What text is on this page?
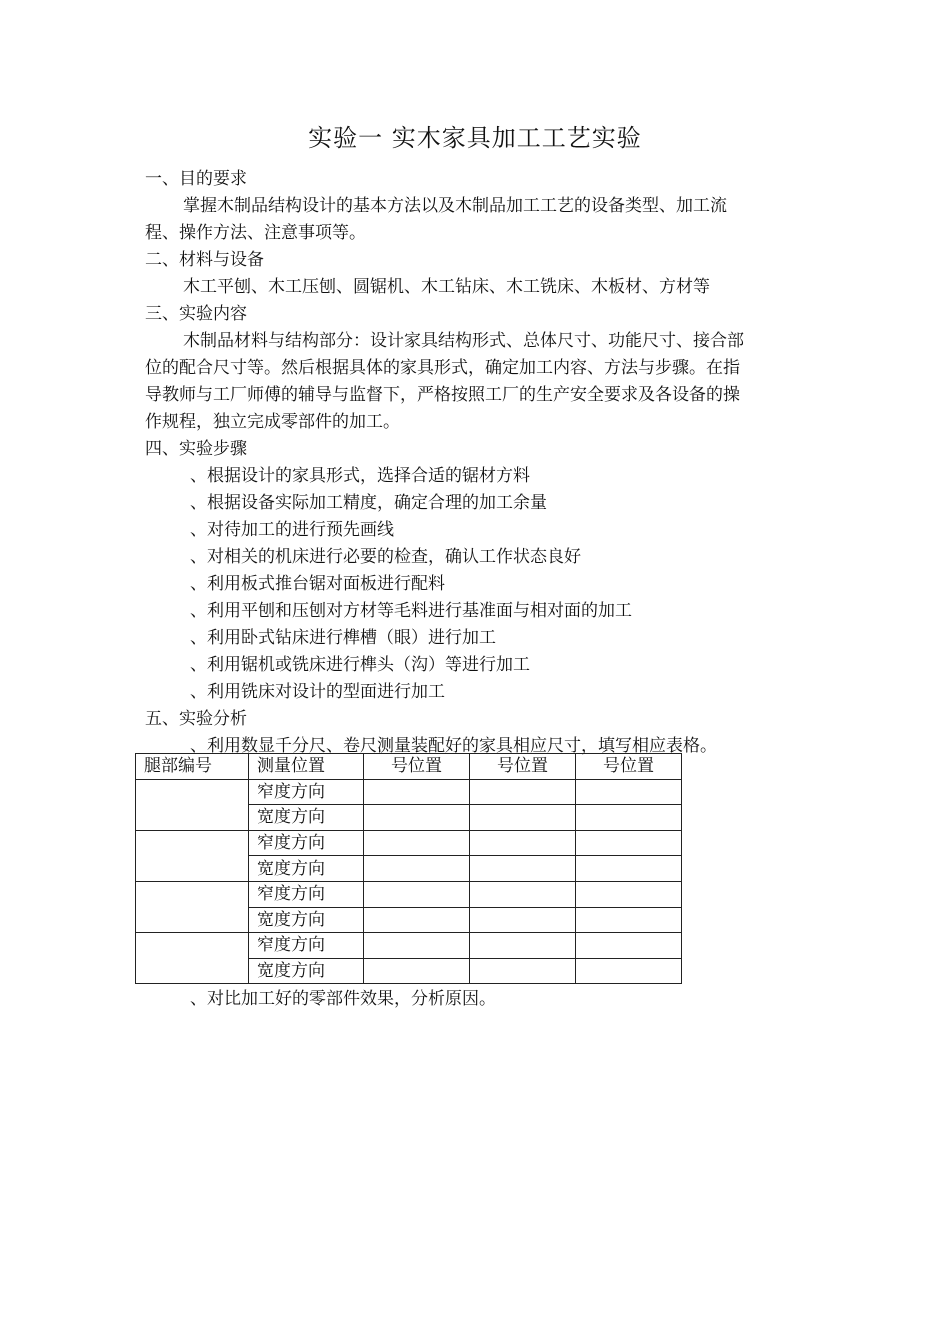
实验一 实木家具加工工艺实验
一、目的要求
掌握木制品结构设计的基本方法以及木制品加工工艺的设备类型、加工流
程、操作方法、注意事项等。
二、材料与设备
木工平刨、木工压刨、圆锯机、木工钻床、木工铣床、木板材、方材等
三、实验内容
木制品材料与结构部分：设计家具结构形式、总体尺寸、功能尺寸、接合部
位的配合尺寸等。然后根据具体的家具形式，确定加工内容、方法与步骤。在指
导教师与工厂师傅的辅导与监督下，严格按照工厂的生产安全要求及各设备的操
作规程，独立完成零部件的加工。
四、实验步骤
、根据设计的家具形式，选择合适的锯材方料
、根据设备实际加工精度，确定合理的加工余量
、对待加工的进行预先画线
、对相关的机床进行必要的检查，确认工作状态良好
、利用板式推台锯对面板进行配料
、利用平刨和压刨对方材等毛料进行基准面与相对面的加工
、利用卧式钻床进行榫槽（眼）进行加工
、利用锯机或铣床进行榫头（沟）等进行加工
、利用铣床对设计的型面进行加工
五、实验分析
、利用数显千分尺、卷尺测量装配好的家具相应尺寸，填写相应表格。
腿部编号	测量位置	号位置	号位置	号位置
	窄度方向			
	宽度方向			
	窄度方向			
	宽度方向			
	窄度方向			
	宽度方向			
	窄度方向			
	宽度方向			
、对比加工好的零部件效果，分析原因。
